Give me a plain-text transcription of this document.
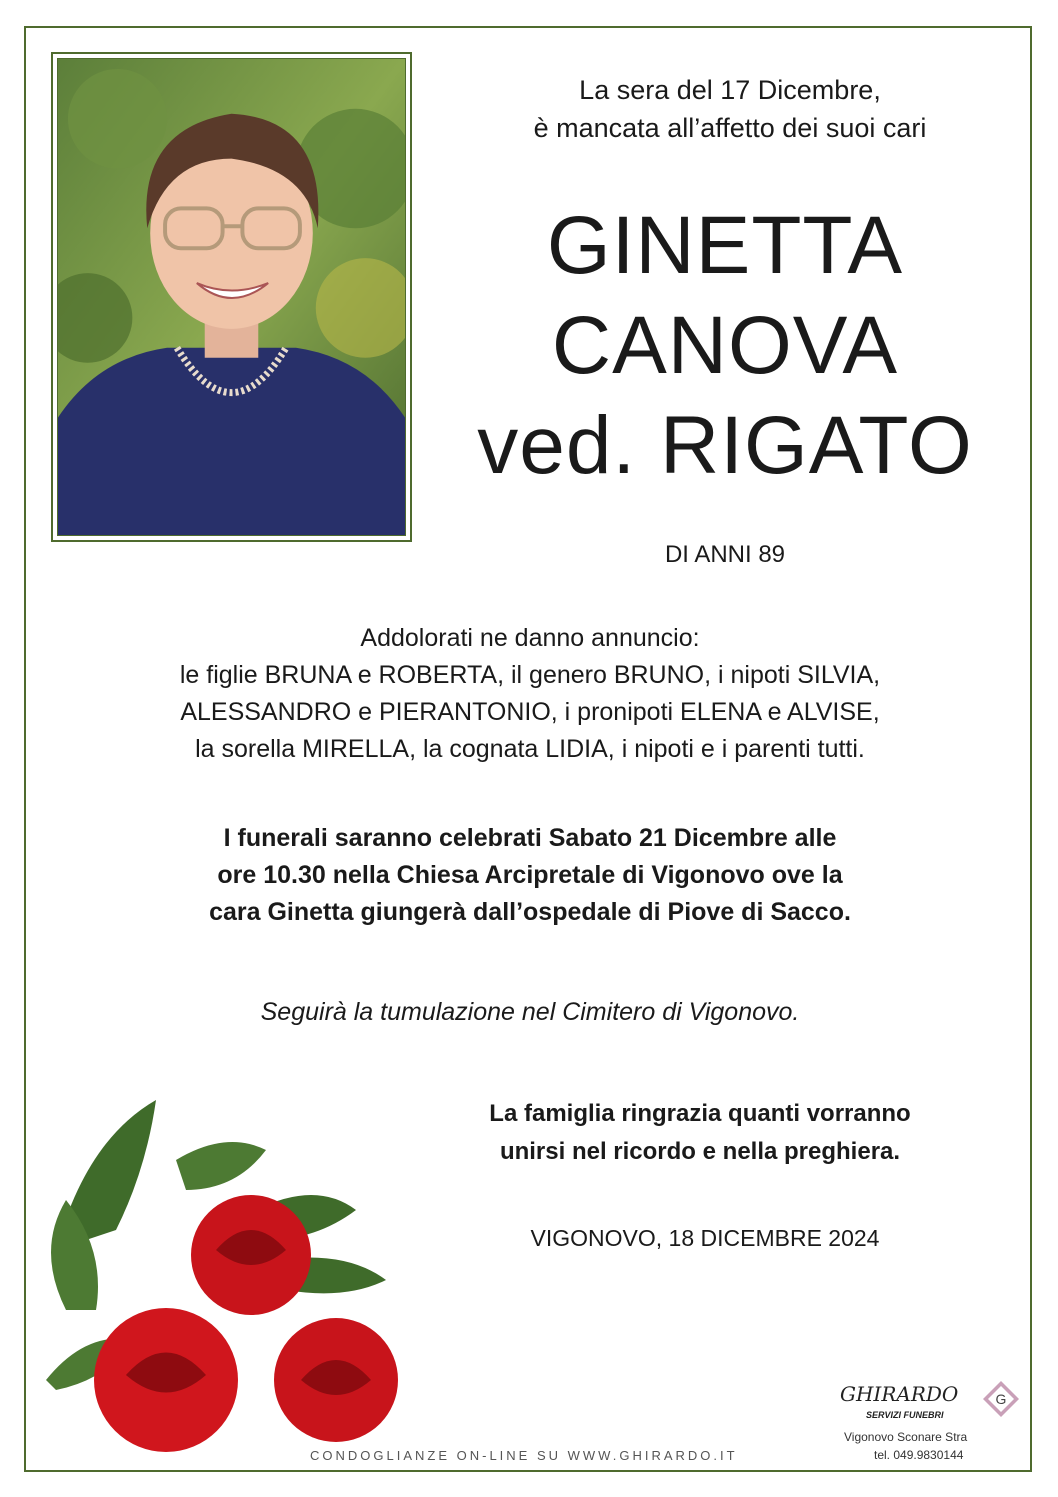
La sera del 17 Dicembre,
è mancata all’affetto dei suoi cari
GINETTA
CANOVA
ved. RIGATO
DI ANNI 89
Addolorati ne danno annuncio:
le figlie BRUNA e ROBERTA, il genero BRUNO, i nipoti SILVIA,
ALESSANDRO e PIERANTONIO, i pronipoti ELENA e ALVISE,
la sorella MIRELLA, la cognata LIDIA, i nipoti e i parenti tutti.
I funerali saranno celebrati Sabato 21 Dicembre alle
ore 10.30 nella Chiesa Arcipretale di Vigonovo ove la
cara Ginetta giungerà dall’ospedale di Piove di Sacco.
Seguirà la tumulazione nel Cimitero di Vigonovo.
La famiglia ringrazia quanti vorranno
unirsi nel ricordo e nella preghiera.
VIGONOVO, 18 DICEMBRE 2024
CONDOGLIANZE ON-LINE SU WWW.GHIRARDO.IT
GHIRARDO
SERVIZI FUNEBRI
G
Vigonovo Sconare Stra
tel. 049.9830144
